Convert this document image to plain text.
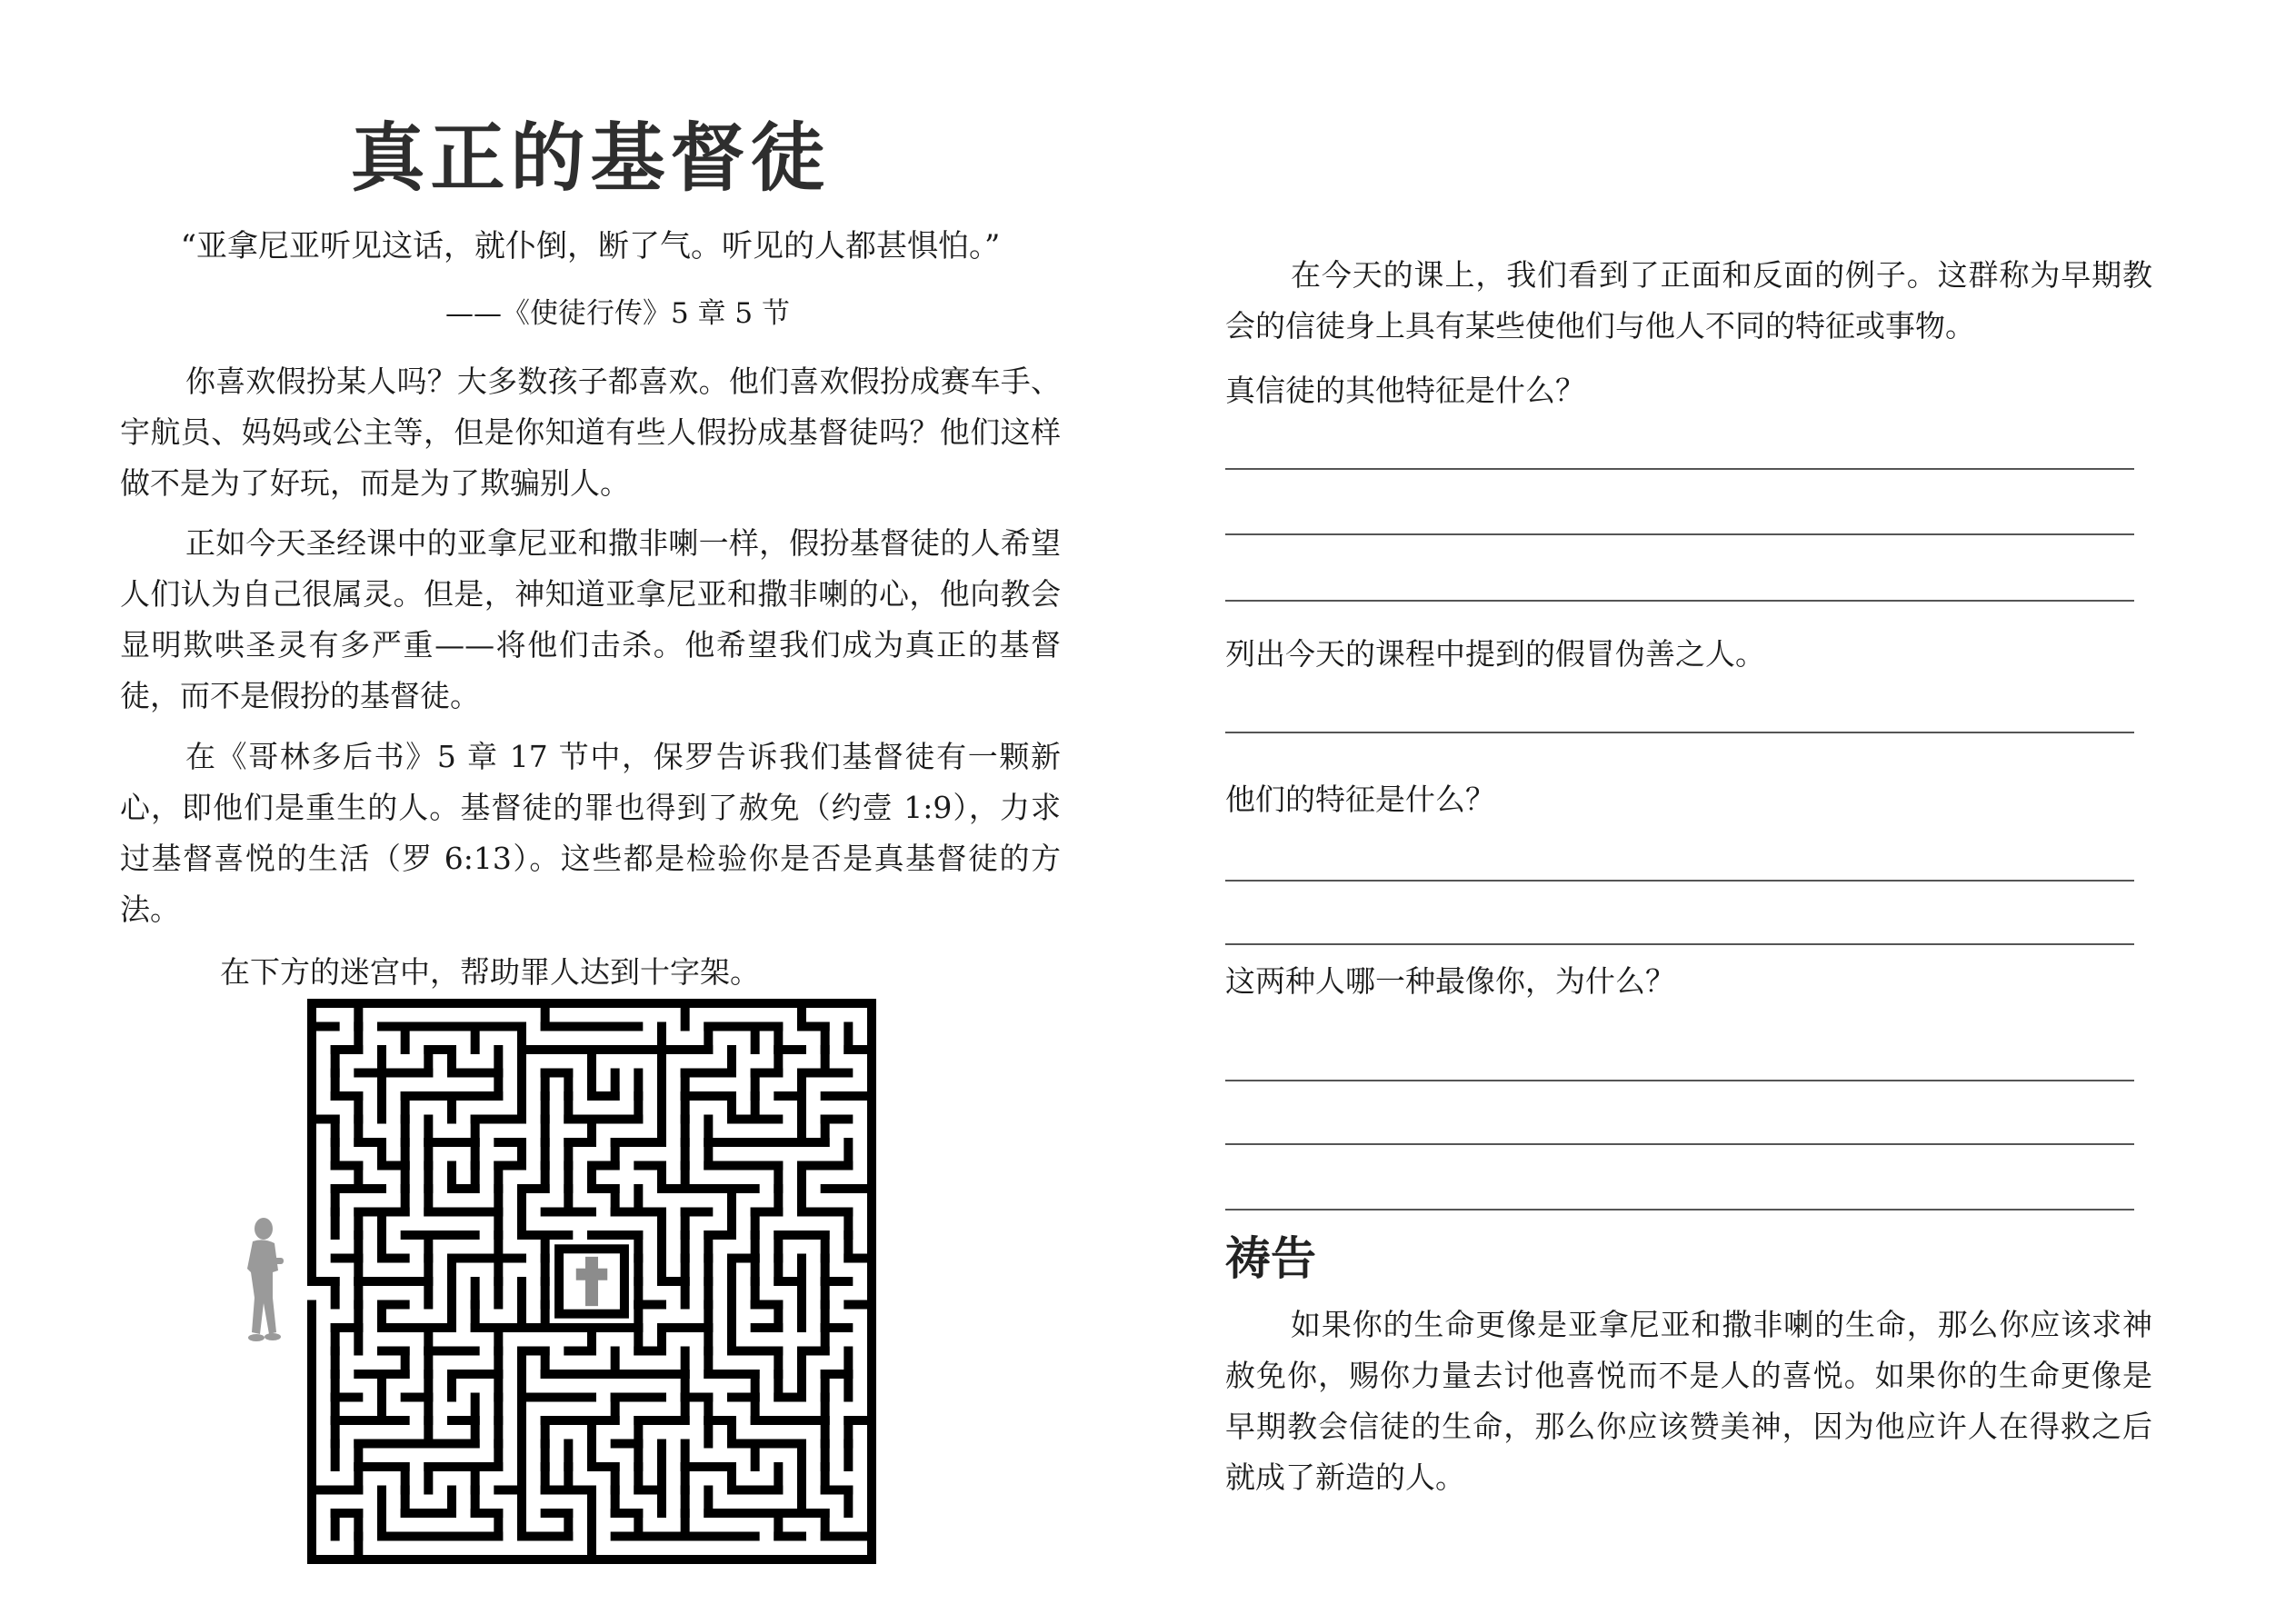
真正的基督徒
“亚拿尼亚听见这话，就仆倒，断了气。听见的人都甚惧怕。”
——《使徒行传》5 章 5 节

你喜欢假扮某人吗？大多数孩子都喜欢。他们喜欢假扮成赛车手、宇航员、妈妈或公主等，但是你知道有些人假扮成基督徒吗？他们这样做不是为了好玩，而是为了欺骗别人。

正如今天圣经课中的亚拿尼亚和撒非喇一样，假扮基督徒的人希望人们认为自己很属灵。但是，神知道亚拿尼亚和撒非喇的心，他向教会显明欺哄圣灵有多严重——将他们击杀。他希望我们成为真正的基督徒，而不是假扮的基督徒。

在《哥林多后书》5 章 17 节中，保罗告诉我们基督徒有一颗新心，即他们是重生的人。基督徒的罪也得到了赦免（约壹 1:9），力求过基督喜悦的生活（罗 6:13）。这些都是检验你是否是真基督徒的方法。

在下方的迷宫中，帮助罪人达到十字架。

在今天的课上，我们看到了正面和反面的例子。这群称为早期教会的信徒身上具有某些使他们与他人不同的特征或事物。

真信徒的其他特征是什么？
列出今天的课程中提到的假冒伪善之人。
他们的特征是什么？
这两种人哪一种最像你，为什么？
祷告

如果你的生命更像是亚拿尼亚和撒非喇的生命，那么你应该求神赦免你，赐你力量去讨他喜悦而不是人的喜悦。如果你的生命更像是早期教会信徒的生命，那么你应该赞美神，因为他应许人在得救之后就成了新造的人。
